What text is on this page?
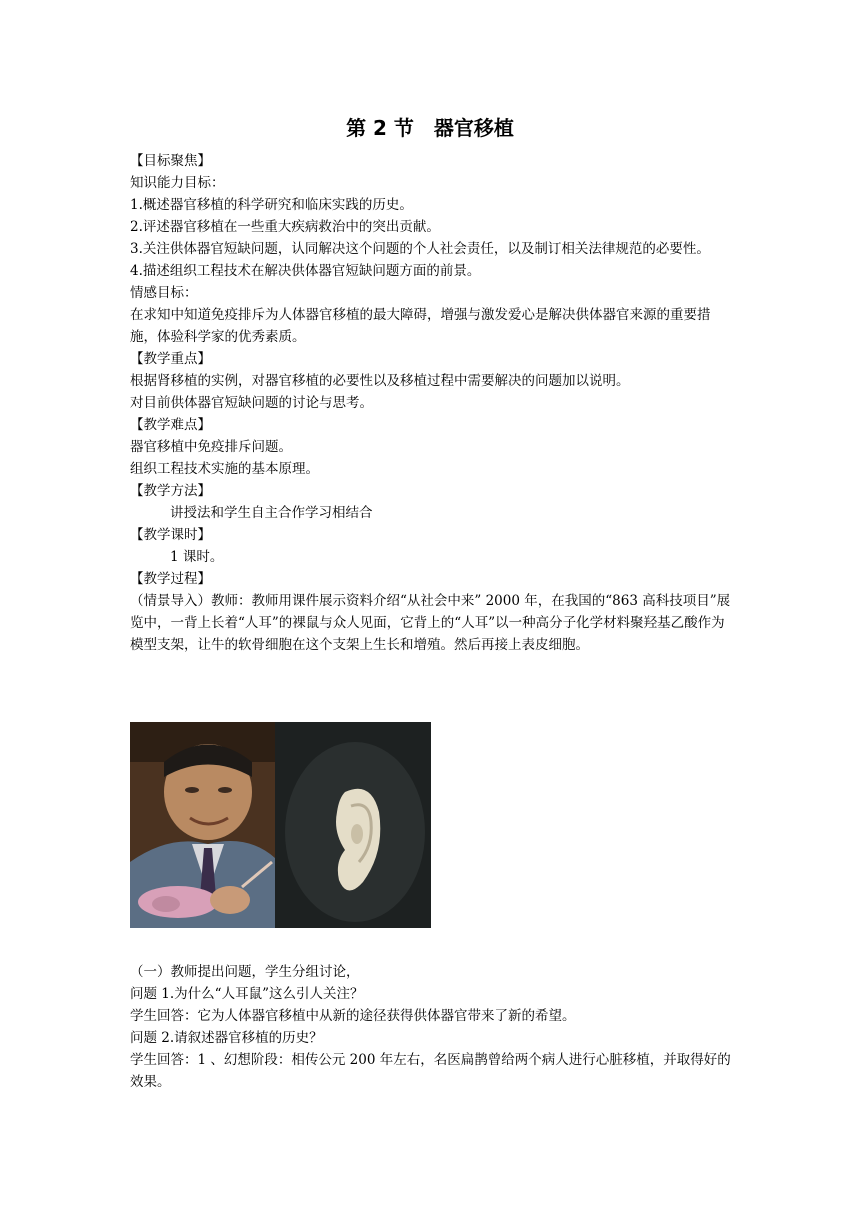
第 2 节 器官移植

【目标聚焦】

知识能力目标：

1.概述器官移植的科学研究和临床实践的历史。

2.评述器官移植在一些重大疾病救治中的突出贡献。

3.关注供体器官短缺问题，认同解决这个问题的个人社会责任，以及制订相关法律规范的必要性。

4.描述组织工程技术在解决供体器官短缺问题方面的前景。

情感目标：

在求知中知道免疫排斥为人体器官移植的最大障碍，增强与激发爱心是解决供体器官来源的重要措施，体验科学家的优秀素质。

【教学重点】

根据肾移植的实例，对器官移植的必要性以及移植过程中需要解决的问题加以说明。

对目前供体器官短缺问题的讨论与思考。

【教学难点】

器官移植中免疫排斥问题。

组织工程技术实施的基本原理。

【教学方法】

讲授法和学生自主合作学习相结合

【教学课时】

1 课时。

【教学过程】

（情景导入）教师：教师用课件展示资料介绍“从社会中来” 2000 年，在我国的“863 高科技项目”展览中，一背上长着“人耳”的裸鼠与众人见面，它背上的“人耳”以一种高分子化学材料聚羟基乙酸作为模型支架，让牛的软骨细胞在这个支架上生长和增殖。然后再接上表皮细胞。

（一）教师提出问题，学生分组讨论，

问题 1.为什么“人耳鼠”这么引人关注？

学生回答：它为人体器官移植中从新的途径获得供体器官带来了新的希望。

问题 2.请叙述器官移植的历史？

学生回答：1 、幻想阶段：相传公元 200 年左右，名医扁鹊曾给两个病人进行心脏移植，并取得好的效果。
